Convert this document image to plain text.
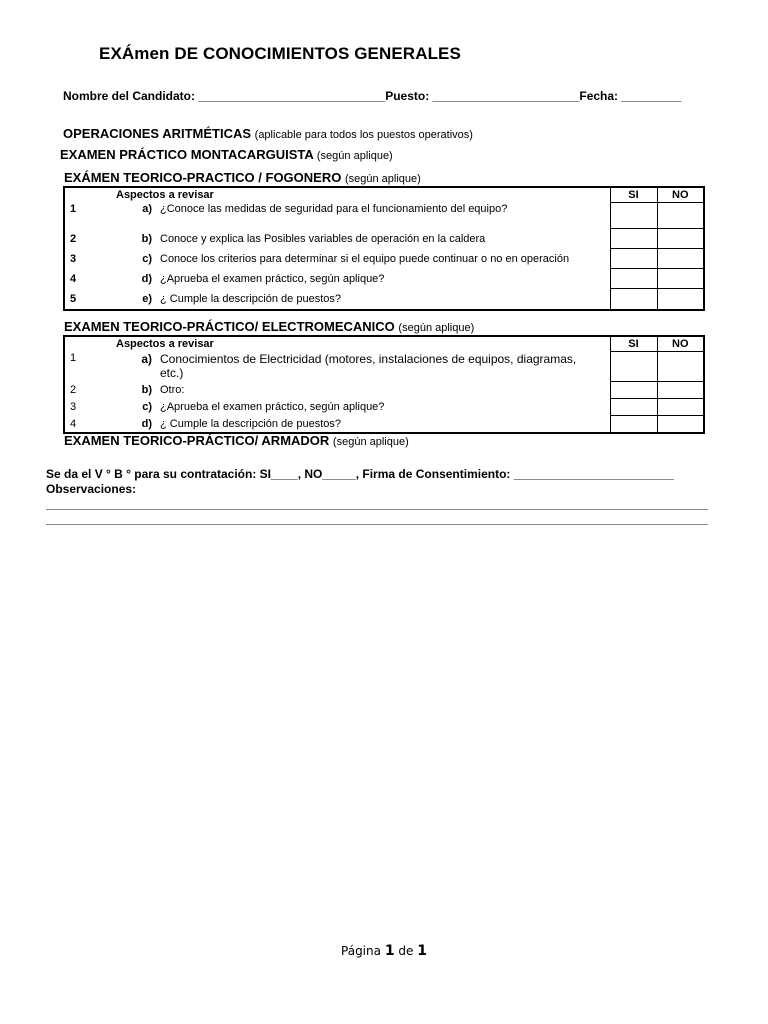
EXÁmen DE CONOCIMIENTOS GENERALES
Nombre del Candidato: ____________________________Puesto: ______________________Fecha: _________
OPERACIONES ARITMÉTICAS (aplicable para todos los puestos operativos)
EXAMEN PRÁCTICO MONTACARGUISTA (según aplique)
EXÁMEN TEORICO-PRACTICO / FOGONERO (según aplique)
	Aspectos a revisar		SI	NO
1	a)	¿Conoce las medidas de seguridad para el funcionamiento del equipo?		
2	b)	Conoce y explica las Posibles variables de operación en la caldera		
3	c)	Conoce los criterios para determinar si el equipo puede continuar o no en operación		
4	d)	¿Aprueba el examen práctico, según aplique?		
5	e)	¿ Cumple la descripción de puestos?		
EXAMEN TEORICO-PRÁCTICO/ ELECTROMECANICO (según aplique)
	Aspectos a revisar		SI	NO
1	a)	Conocimientos de Electricidad (motores, instalaciones de equipos, diagramas, etc.)		
2	b)	Otro:		
3	c)	¿Aprueba el examen práctico, según aplique?		
4	d)	¿ Cumple la descripción de puestos?		
EXAMEN TEORICO-PRÁCTICO/ ARMADOR (según aplique)
Se da el V ° B ° para su contratación: SI____, NO_____, Firma de Consentimiento: ________________________
Observaciones:
Página 1 de 1
